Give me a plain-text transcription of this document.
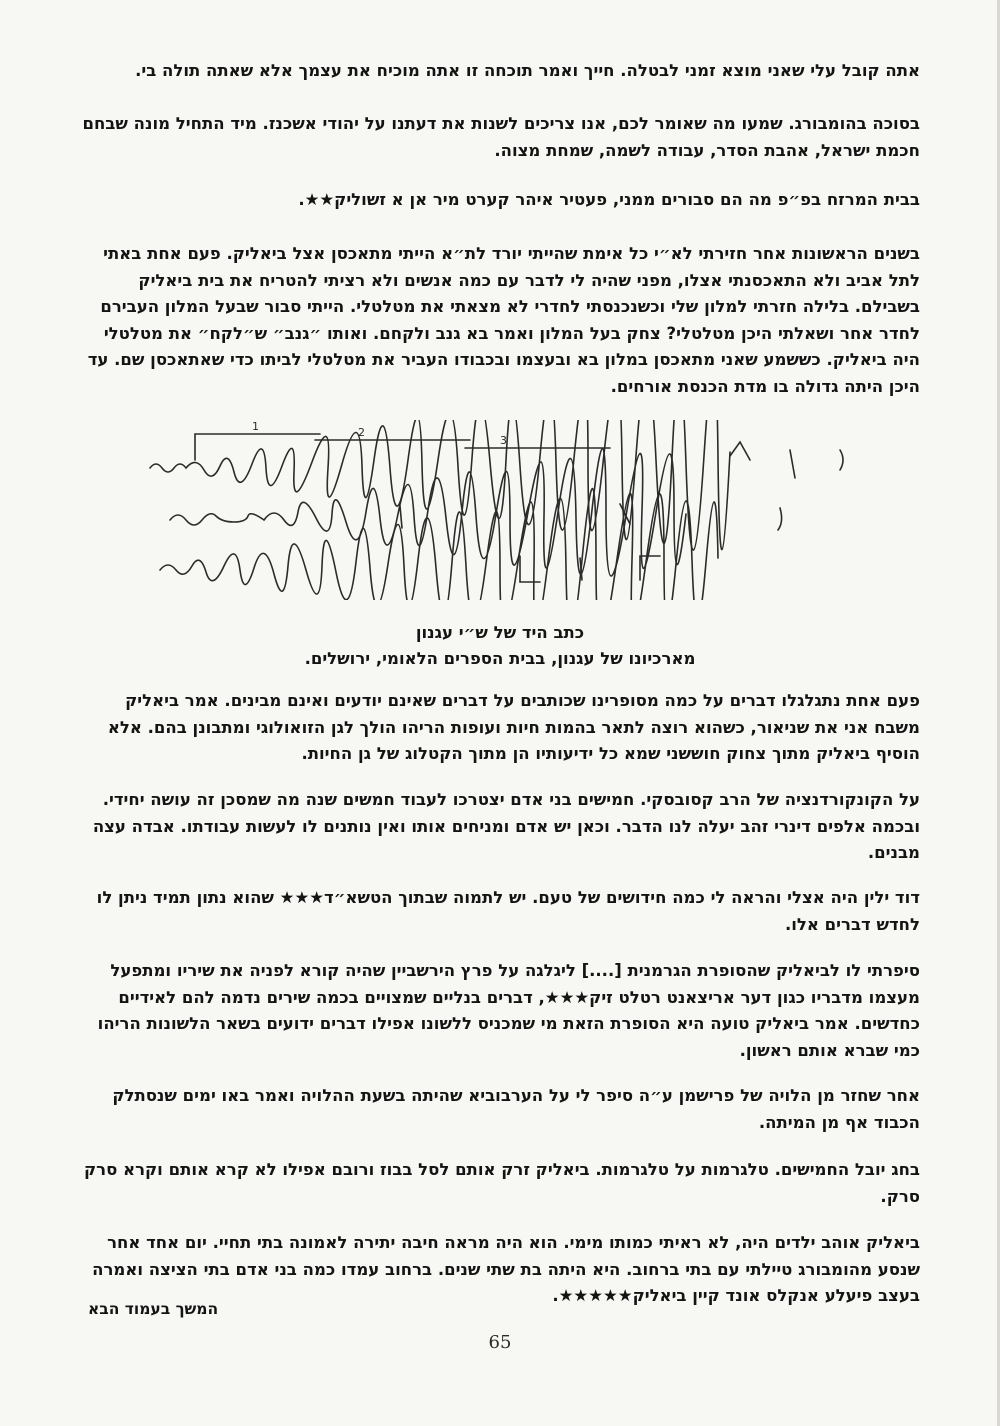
אתה קובל עלי שאני מוצא זמני לבטלה. חייך ואמר תוכחה זו אתה מוכיח את עצמך אלא שאתה תולה בי.

בסוכה בהומבורג. שמעו מה שאומר לכם, אנו צריכים לשנות את דעתנו על יהודי אשכנז. מיד התחיל מונה שבחם חכמת ישראל, אהבת הסדר, עבודה לשמה, שמחת מצוה.

בבית המרזח בפ״פ מה הם סבורים ממני, פעטיר איהר קערט מיר אן א זשוליק★★.

בשנים הראשונות אחר חזירתי לא״י כל אימת שהייתי יורד לת״א הייתי מתאכסן אצל ביאליק. פעם אחת באתי לתל אביב ולא התאכסנתי אצלו, מפני שהיה לי לדבר עם כמה אנשים ולא רציתי להטריח את בית ביאליק בשבילם. בלילה חזרתי למלון שלי וכשנכנסתי לחדרי לא מצאתי את מטלטלי. הייתי סבור שבעל המלון העבירם לחדר אחר ושאלתי היכן מטלטלי? צחק בעל המלון ואמר בא גנב ולקחם. ואותו ״גנב״ ש״לקח״ את מטלטלי היה ביאליק. כששמע שאני מתאכסן במלון בא ובעצמו ובכבודו העביר את מטלטלי לביתו כדי שאתאכסן שם. עד היכן היתה גדולה בו מדת הכנסת אורחים.

1	2
3
כתב היד של ש״י עגנון
מארכיונו של עגנון, בבית הספרים הלאומי, ירושלים.

פעם אחת נתגלגלו דברים על כמה מסופרינו שכותבים על דברים שאינם יודעים ואינם מבינים. אמר ביאליק משבח אני את שניאור, כשהוא רוצה לתאר בהמות חיות ועופות הריהו הולך לגן הזואולוגי ומתבונן בהם. אלא הוסיף ביאליק מתוך צחוק חוששני שמא כל ידיעותיו הן מתוך הקטלוג של גן החיות.

על הקונקורדנציה של הרב קסובסקי. חמישים בני אדם יצטרכו לעבוד חמשים שנה מה שמסכן זה עושה יחידי. ובכמה אלפים דינרי זהב יעלה לנו הדבר. וכאן יש אדם ומניחים אותו ואין נותנים לו לעשות עבודתו. אבדה עצה מבנים.

דוד ילין היה אצלי והראה לי כמה חידושים של טעם. יש לתמוה שבתוך הטשא״ד★★★ שהוא נתון תמיד ניתן לו לחדש דברים אלו.

סיפרתי לו לביאליק שהסופרת הגרמנית [....] ליגלגה על פרץ הירשביין שהיה קורא לפניה את שיריו ומתפעל מעצמו מדבריו כגון דער אריצאנט רטלט זיק★★★, דברים בנליים שמצויים בכמה שירים נדמה להם לאידיים כחדשים. אמר ביאליק טועה היא הסופרת הזאת מי שמכניס ללשונו אפילו דברים ידועים בשאר הלשונות הריהו כמי שברא אותם ראשון.

אחר שחזר מן הלויה של פרישמן ע״ה סיפר לי על הערבוביא שהיתה בשעת ההלויה ואמר באו ימים שנסתלק הכבוד אף מן המיתה.

בחג יובל החמישים. טלגרמות על טלגרמות. ביאליק זרק אותם לסל בבוז ורובם אפילו לא קרא אותם וקרא סרק סרק.

ביאליק אוהב ילדים היה, לא ראיתי כמותו מימי. הוא היה מראה חיבה יתירה לאמונה בתי תחיי. יום אחד אחר שנסע מהומבורג טיילתי עם בתי ברחוב. היא היתה בת שתי שנים. ברחוב עמדו כמה בני אדם בתי הציצה ואמרה בעצב פיעלע אנקלס אונד קיין ביאליק★★★★★.

המשך בעמוד הבא
65
